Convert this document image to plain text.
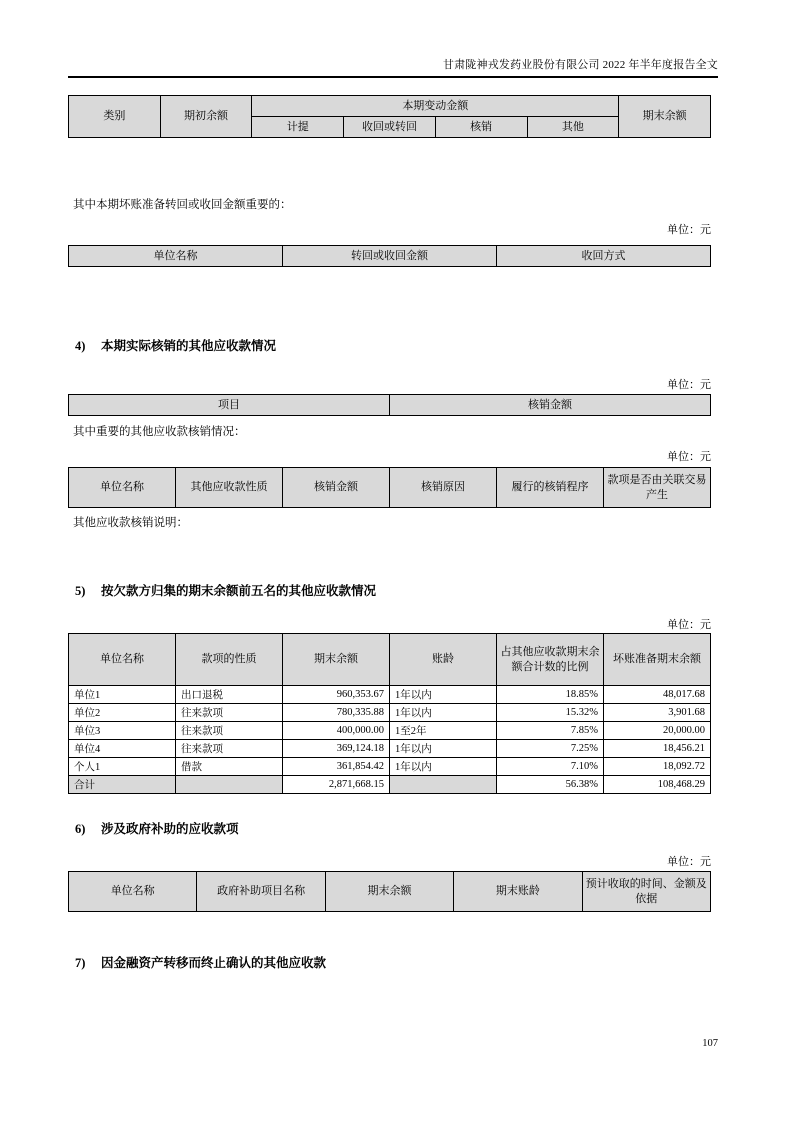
甘肃陇神戎发药业股份有限公司 2022 年半年度报告全文
类别	期初余额	本期变动金额				期末余额
		计提	收回或转回	核销	其他	
其中本期坏账准备转回或收回金额重要的：
单位：元
单位名称	转回或收回金额	收回方式
4) 本期实际核销的其他应收款情况
单位：元
项目	核销金额
其中重要的其他应收款核销情况：
单位：元
单位名称	其他应收款性质	核销金额	核销原因	履行的核销程序	款项是否由关联交易产生
其他应收款核销说明：
5) 按欠款方归集的期末余额前五名的其他应收款情况
单位：元
单位名称	款项的性质	期末余额	账龄	占其他应收款期末余额合计数的比例	坏账准备期末余额
单位1	出口退税	960,353.67	1年以内	18.85%	48,017.68
单位2	往来款项	780,335.88	1年以内	15.32%	3,901.68
单位3	往来款项	400,000.00	1至2年	7.85%	20,000.00
单位4	往来款项	369,124.18	1年以内	7.25%	18,456.21
个人1	借款	361,854.42	1年以内	7.10%	18,092.72
合计		2,871,668.15		56.38%	108,468.29
6) 涉及政府补助的应收款项
单位：元
单位名称	政府补助项目名称	期末余额	期末账龄	预计收取的时间、金额及依据
7) 因金融资产转移而终止确认的其他应收款
107
